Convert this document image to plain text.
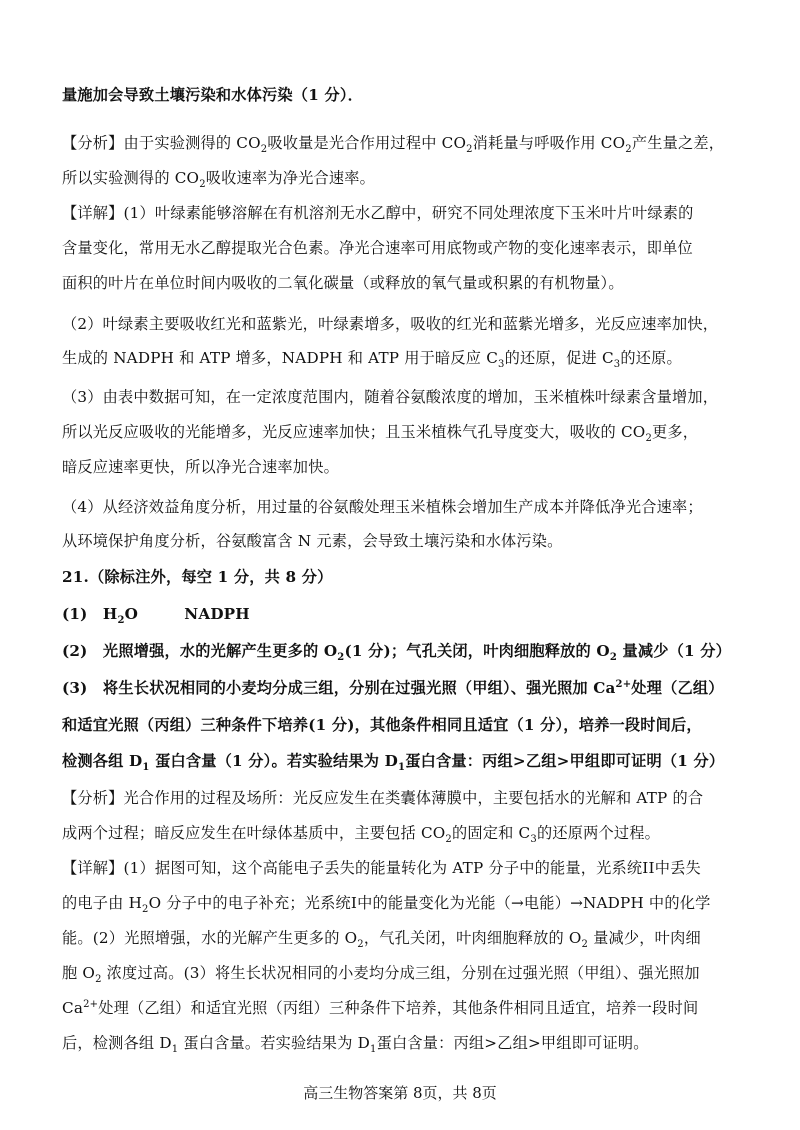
量施加会导致土壤污染和水体污染（1 分）．

【分析】由于实验测得的 $CO_2$吸收量是光合作用过程中 $CO_2$消耗量与呼吸作用 $CO_2$产生量之差，

所以实验测得的 $CO_2$吸收速率为净光合速率。

【详解】(1）叶绿素能够溶解在有机溶剂无水乙醇中，研究不同处理浓度下玉米叶片叶绿素的

含量变化，常用无水乙醇提取光合色素。净光合速率可用底物或产物的变化速率表示，即单位

面积的叶片在单位时间内吸收的二氧化碳量（或释放的氧气量或积累的有机物量）。

（2）叶绿素主要吸收红光和蓝紫光，叶绿素增多，吸收的红光和蓝紫光增多，光反应速率加快，

生成的 NADPH 和 ATP 增多，NADPH 和 ATP 用于暗反应 $C_3$的还原，促进 $C_3$的还原。

（3）由表中数据可知，在一定浓度范围内，随着谷氨酸浓度的增加，玉米植株叶绿素含量增加，

所以光反应吸收的光能增多，光反应速率加快；且玉米植株气孔导度变大，吸收的 $CO_2$更多，

暗反应速率更快，所以净光合速率加快。

（4）从经济效益角度分析，用过量的谷氨酸处理玉米植株会增加生产成本并降低净光合速率；

从环境保护角度分析，谷氨酸富含 N 元素，会导致土壤污染和水体污染。

21.（除标注外，每空 1 分，共 8 分）

(1)　$H_2O$　　　NADPH

(2)　光照增强，水的光解产生更多的 $O_2(1$ 分)；气孔关闭，叶肉细胞释放的 $O_2$ 量减少（1 分）

(3)　将生长状况相同的小麦均分成三组，分别在过强光照（甲组）、强光照加 $Ca^{2+}$处理（乙组）

和适宜光照（丙组）三种条件下培养(1 分)，其他条件相同且适宜（1 分），培养一段时间后，

检测各组 $D_1$ 蛋白含量（1 分）。若实验结果为 $D_1$蛋白含量：丙组>乙组>甲组即可证明（1 分）

【分析】光合作用的过程及场所：光反应发生在类囊体薄膜中，主要包括水的光解和 ATP 的合

成两个过程；暗反应发生在叶绿体基质中，主要包括 $CO_2$的固定和 $C_3$的还原两个过程。

【详解】(1）据图可知，这个高能电子丢失的能量转化为 ATP 分子中的能量，光系统II中丢失

的电子由 $H_2O$ 分子中的电子补充；光系统I中的能量变化为光能（→电能）→NADPH 中的化学

能。(2）光照增强，水的光解产生更多的 $O_2$，气孔关闭，叶肉细胞释放的 $O_2$ 量减少，叶肉细

胞 $O_2$ 浓度过高。(3）将生长状况相同的小麦均分成三组，分别在过强光照（甲组）、强光照加

$Ca^{2+}$处理（乙组）和适宜光照（丙组）三种条件下培养，其他条件相同且适宜，培养一段时间

后，检测各组 $D_1$ 蛋白含量。若实验结果为 $D_1$蛋白含量：丙组>乙组>甲组即可证明。

高三生物答案第 8页，共 8页
